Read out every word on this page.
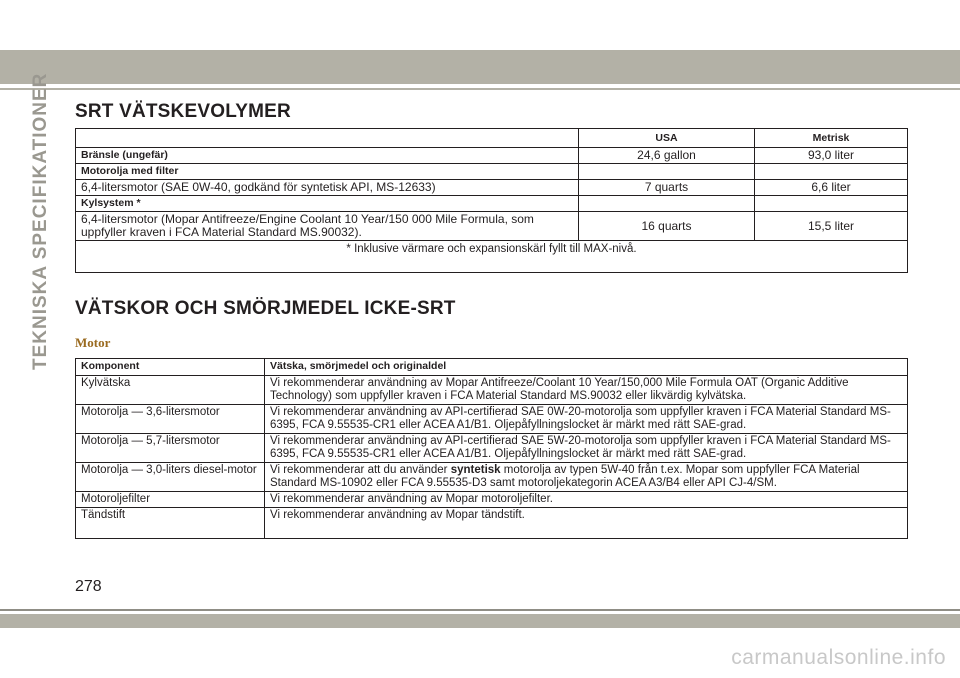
TEKNISKA SPECIFIKATIONER SRT VÄTSKEVOLYMER
	USA	Metrisk
Bränsle (ungefär)	24,6 gallon	93,0 liter
Motorolja med filter		
6,4-litersmotor (SAE 0W-40, godkänd för syntetisk API, MS-12633)	7 quarts	6,6 liter
Kylsystem *		
6,4-litersmotor (Mopar Antifreeze/Engine Coolant 10 Year/150 000 Mile Formula, som uppfyller kraven i FCA Material Standard MS.90032).	16 quarts	15,5 liter
* Inklusive värmare och expansionskärl fyllt till MAX-nivå.		
VÄTSKOR OCH SMÖRJMEDEL ICKE-SRT
Motor
Komponent	Vätska, smörjmedel och originaldel
Kylvätska	Vi rekommenderar användning av Mopar Antifreeze/Coolant 10 Year/150,000 Mile Formula OAT (Organic Additive Technology) som uppfyller kraven i FCA Material Standard MS.90032 eller likvärdig kylvätska.
Motorolja — 3,6-litersmotor	Vi rekommenderar användning av API-certifierad SAE 0W-20-motorolja som uppfyller kraven i FCA Material Standard MS-6395, FCA 9.55535-CR1 eller ACEA A1/B1. Oljepåfyllningslocket är märkt med rätt SAE-grad.
Motorolja — 5,7-litersmotor	Vi rekommenderar användning av API-certifierad SAE 5W-20-motorolja som uppfyller kraven i FCA Material Standard MS-6395, FCA 9.55535-CR1 eller ACEA A1/B1. Oljepåfyllningslocket är märkt med rätt SAE-grad.
Motorolja — 3,0-liters diesel-motor	Vi rekommenderar att du använder syntetisk motorolja av typen 5W-40 från t.ex. Mopar som uppfyller FCA Material Standard MS-10902 eller FCA 9.55535-D3 samt motoroljekategorin ACEA A3/B4 eller API CJ-4/SM.
Motoroljefilter	Vi rekommenderar användning av Mopar motoroljefilter.
Tändstift	Vi rekommenderar användning av Mopar tändstift.
278
carmanualsonline.info
